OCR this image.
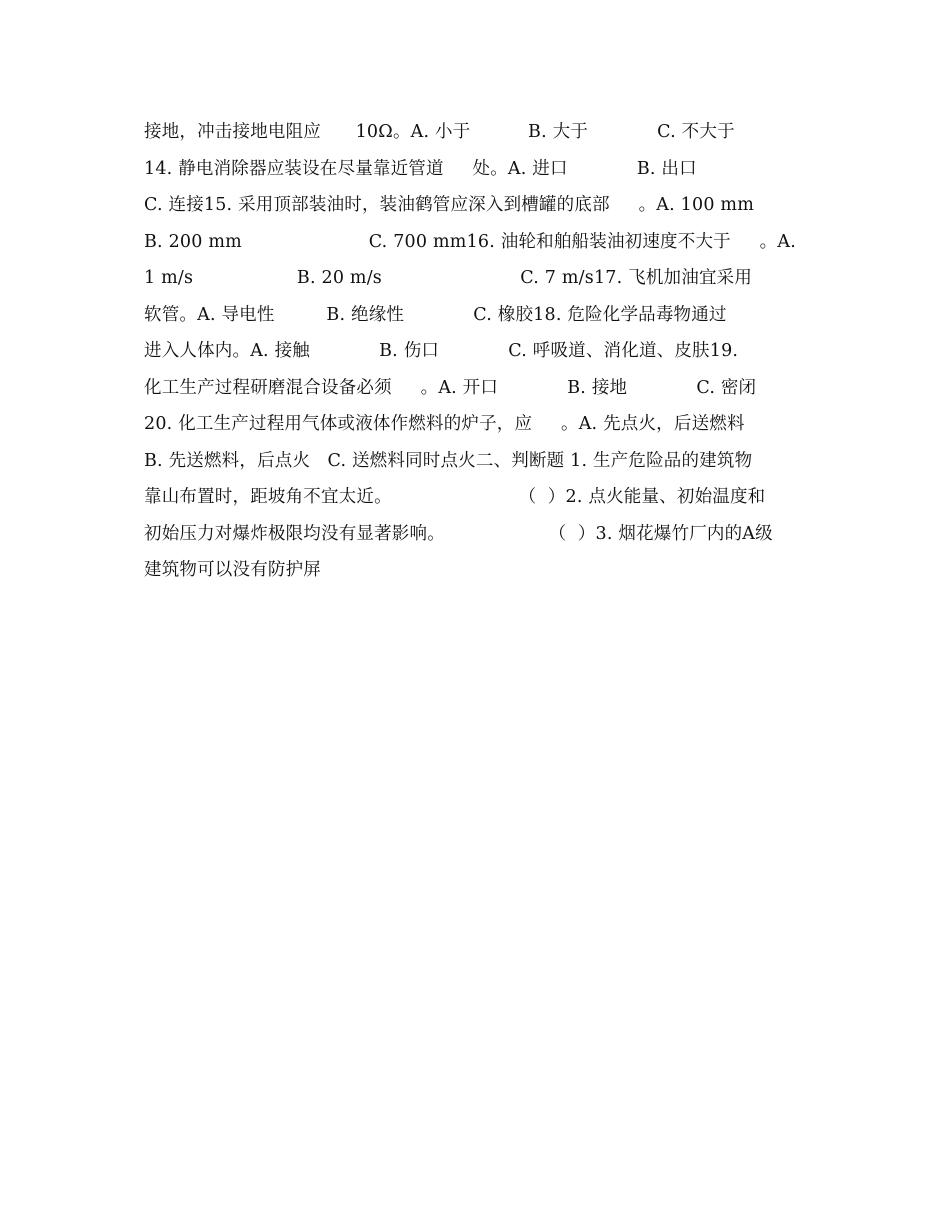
接地，冲击接地电阻应      10Ω。A. 小于          B. 大于            C. 不大于
14. 静电消除器应装设在尽量靠近管道     处。A. 进口            B. 出口
C. 连接15. 采用顶部装油时，装油鹤管应深入到槽罐的底部     。A. 100 mm
B. 200 mm                      C. 700 mm16. 油轮和舶船装油初速度不大于     。A.
1 m/s                  B. 20 m/s                        C. 7 m/s17. 飞机加油宜采用
软管。A. 导电性         B. 绝缘性            C. 橡胶18. 危险化学品毒物通过
进入人体内。A. 接触            B. 伤口            C. 呼吸道、消化道、皮肤19.
化工生产过程研磨混合设备必须     。A. 开口            B. 接地            C. 密闭
20. 化工生产过程用气体或液体作燃料的炉子，应     。A. 先点火，后送燃料
B. 先送燃料，后点火   C. 送燃料同时点火二、判断题 1. 生产危险品的建筑物
靠山布置时，距坡角不宜太近。                      （  ）2. 点火能量、初始温度和
初始压力对爆炸极限均没有显著影响。                  （  ）3. 烟花爆竹厂内的A级
建筑物可以没有防护屏
